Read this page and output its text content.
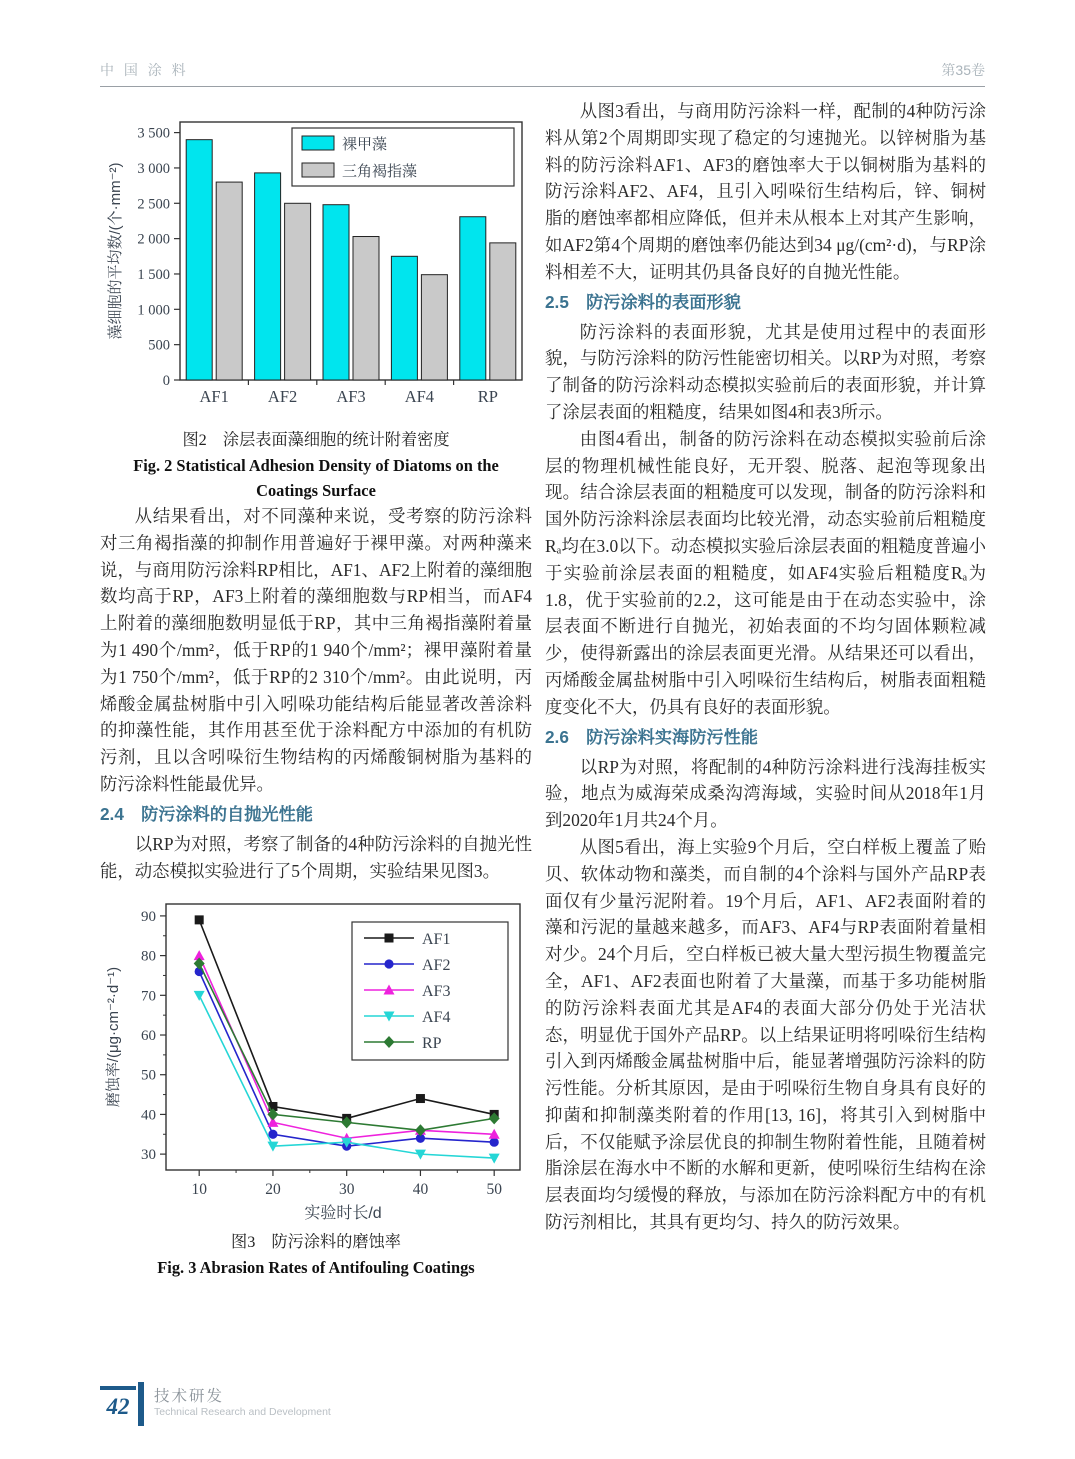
中 国 涂 料	第35卷
0
500
1 000
1 500
2 000
2 500
3 000
3 500
AF1 AF2 AF3 AF4	RP
裸甲藻
三角褐指藻
藻细胞的平均数/(个·mm⁻²)
图2　涂层表面藻细胞的统计附着密度
Fig. 2 Statistical Adhesion Density of Diatoms on the
Coatings Surface

从结果看出，对不同藻种来说，受考察的防污涂料对三角褐指藻的抑制作用普遍好于裸甲藻。对两种藻来说，与商用防污涂料RP相比，AF1、AF2上附着的藻细胞数均高于RP，AF3上附着的藻细胞数与RP相当，而AF4上附着的藻细胞数明显低于RP，其中三角褐指藻附着量为1 490个/mm²，低于RP的1 940个/mm²；裸甲藻附着量为1 750个/mm²，低于RP的2 310个/mm²。由此说明，丙烯酸金属盐树脂中引入吲哚功能结构后能显著改善涂料的抑藻性能，其作用甚至优于涂料配方中添加的有机防污剂，且以含吲哚衍生物结构的丙烯酸铜树脂为基料的防污涂料性能最优异。

2.4　防污涂料的自抛光性能

以RP为对照，考察了制备的4种防污涂料的自抛光性能，动态模拟实验进行了5个周期，实验结果见图3。

30
40
50
60
70
80
90
10	20	30	40	50
AF1
AF2
AF3
AF4
RP
实验时长/d
磨蚀率/(μg·cm⁻²·d⁻¹)
图3　防污涂料的磨蚀率
Fig. 3 Abrasion Rates of Antifouling Coatings

从图3看出，与商用防污涂料一样，配制的4种防污涂料从第2个周期即实现了稳定的匀速抛光。以锌树脂为基料的防污涂料AF1、AF3的磨蚀率大于以铜树脂为基料的防污涂料AF2、AF4，且引入吲哚衍生结构后，锌、铜树脂的磨蚀率都相应降低，但并未从根本上对其产生影响，如AF2第4个周期的磨蚀率仍能达到34 μg/(cm²·d)，与RP涂料相差不大，证明其仍具备良好的自抛光性能。

2.5　防污涂料的表面形貌

防污涂料的表面形貌，尤其是使用过程中的表面形貌，与防污涂料的防污性能密切相关。以RP为对照，考察了制备的防污涂料动态模拟实验前后的表面形貌，并计算了涂层表面的粗糙度，结果如图4和表3所示。

由图4看出，制备的防污涂料在动态模拟实验前后涂层的物理机械性能良好，无开裂、脱落、起泡等现象出现。结合涂层表面的粗糙度可以发现，制备的防污涂料和国外防污涂料涂层表面均比较光滑，动态实验前后粗糙度Rₐ均在3.0以下。动态模拟实验后涂层表面的粗糙度普遍小于实验前涂层表面的粗糙度，如AF4实验后粗糙度Rₐ为1.8，优于实验前的2.2，这可能是由于在动态实验中，涂层表面不断进行自抛光，初始表面的不均匀固体颗粒减少，使得新露出的涂层表面更光滑。从结果还可以看出，丙烯酸金属盐树脂中引入吲哚衍生结构后，树脂表面粗糙度变化不大，仍具有良好的表面形貌。

2.6　防污涂料实海防污性能

以RP为对照，将配制的4种防污涂料进行浅海挂板实验，地点为威海荣成桑沟湾海域，实验时间从2018年1月到2020年1月共24个月。

从图5看出，海上实验9个月后，空白样板上覆盖了贻贝、软体动物和藻类，而自制的4个涂料与国外产品RP表面仅有少量污泥附着。19个月后，AF1、AF2表面附着的藻和污泥的量越来越多，而AF3、AF4与RP表面附着量相对少。24个月后，空白样板已被大量大型污损生物覆盖完全，AF1、AF2表面也附着了大量藻，而基于多功能树脂的防污涂料表面尤其是AF4的表面大部分仍处于光洁状态，明显优于国外产品RP。以上结果证明将吲哚衍生结构引入到丙烯酸金属盐树脂中后，能显著增强防污涂料的防污性能。分析其原因，是由于吲哚衍生物自身具有良好的抑菌和抑制藻类附着的作用[13, 16]，将其引入到树脂中后，不仅能赋予涂层优良的抑制生物附着性能，且随着树脂涂层在海水中不断的水解和更新，使吲哚衍生结构在涂层表面均匀缓慢的释放，与添加在防污涂料配方中的有机防污剂相比，其具有更均匀、持久的防污效果。

42	技术研发
Technical Research and Development
